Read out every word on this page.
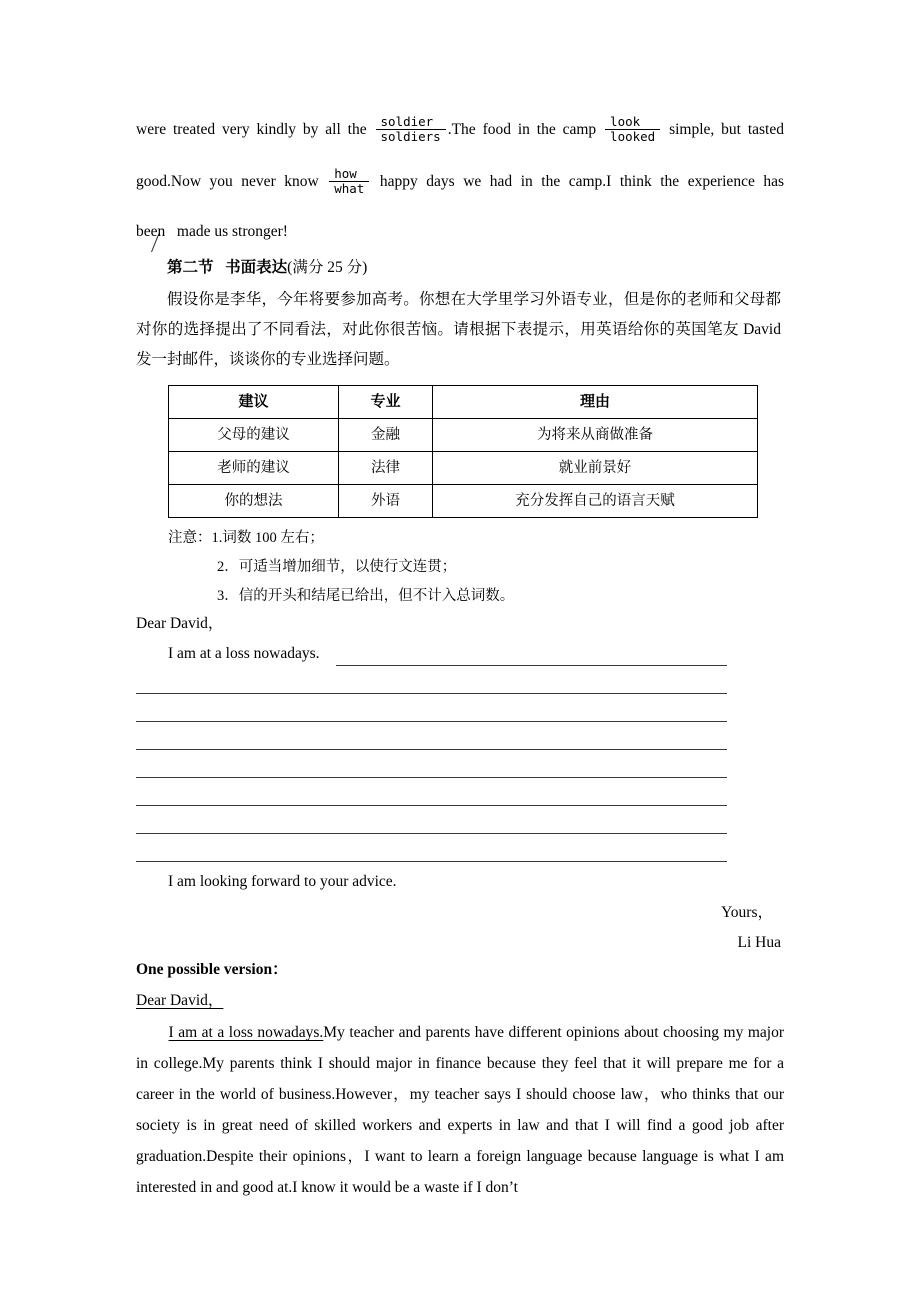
were treated very kindly by all the $\frac{\text{soldier}}{\text{soldiers}} .The$ food in the camp $\frac{\text{look}}{\text{looked}}$ simple, but tasted

good.Now you never know $\frac{\text{how}}{\text{what}}$ happy days we had in the camp.I think the experience has

been made us stronger!

第二节 书面表达(满分 25 分)

假设你是李华，今年将要参加高考。你想在大学里学习外语专业，但是你的老师和父母都对你的选择提出了不同看法，对此你很苦恼。请根据下表提示，用英语给你的英国笔友 David 发一封邮件，谈谈你的专业选择问题。

建议	专业	理由
父母的建议	金融	为将来从商做准备
老师的建议	法律	就业前景好
你的想法	外语	充分发挥自己的语言天赋
注意：1.词数 100 左右；
2．可适当增加细节，以使行文连贯；
3．信的开头和结尾已给出，但不计入总词数。

Dear David，

I am at a loss nowadays.

I am looking forward to your advice.

Yours，

Li Hua

One possible version：

Dear David，

I am at a loss nowadays.My teacher and parents have different opinions about choosing my major in college.My parents think I should major in finance because they feel that it will prepare me for a career in the world of business.However，my teacher says I should choose law，who thinks that our society is in great need of skilled workers and experts in law and that I will find a good job after graduation.Despite their opinions，I want to learn a foreign language because language is what I am interested in and good at.I know it would be a waste if I don’t
